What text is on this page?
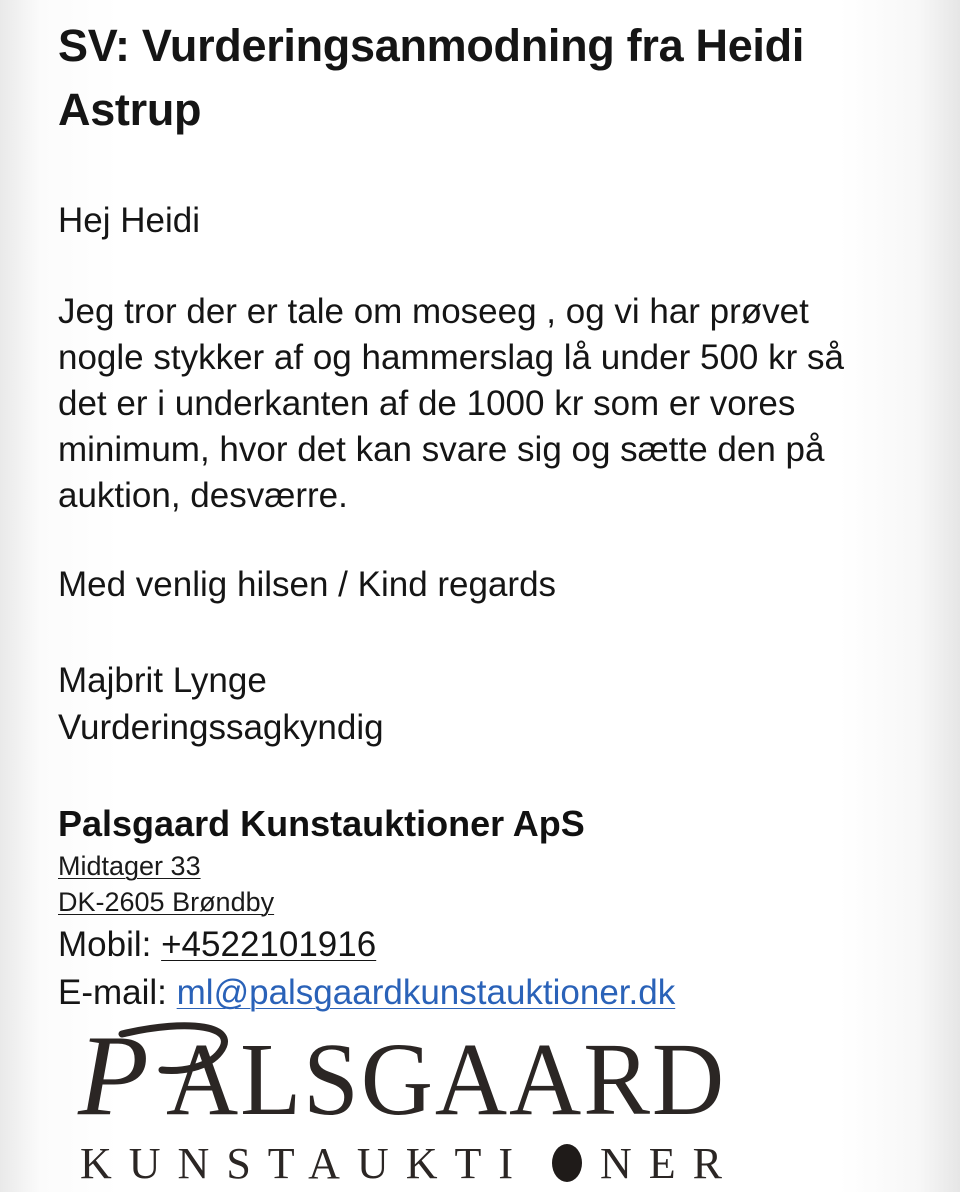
SV: Vurderingsanmodning fra Heidi Astrup

Hej Heidi

Jeg tror der er tale om moseeg , og vi har prøvet
nogle stykker af og hammerslag lå under 500 kr så
det er i underkanten af de 1000 kr som er vores
minimum, hvor det kan svare sig og sætte den på
auktion, desværre.

Med venlig hilsen / Kind regards

Majbrit Lynge

Vurderingssagkyndig

Palsgaard Kunstauktioner ApS

Midtager 33
DK-2605 Brøndby
Mobil: +4522101916
E-mail: ml@palsgaardkunstauktioner.dk
P ALSGAARD
KUNSTAUKTI NER
